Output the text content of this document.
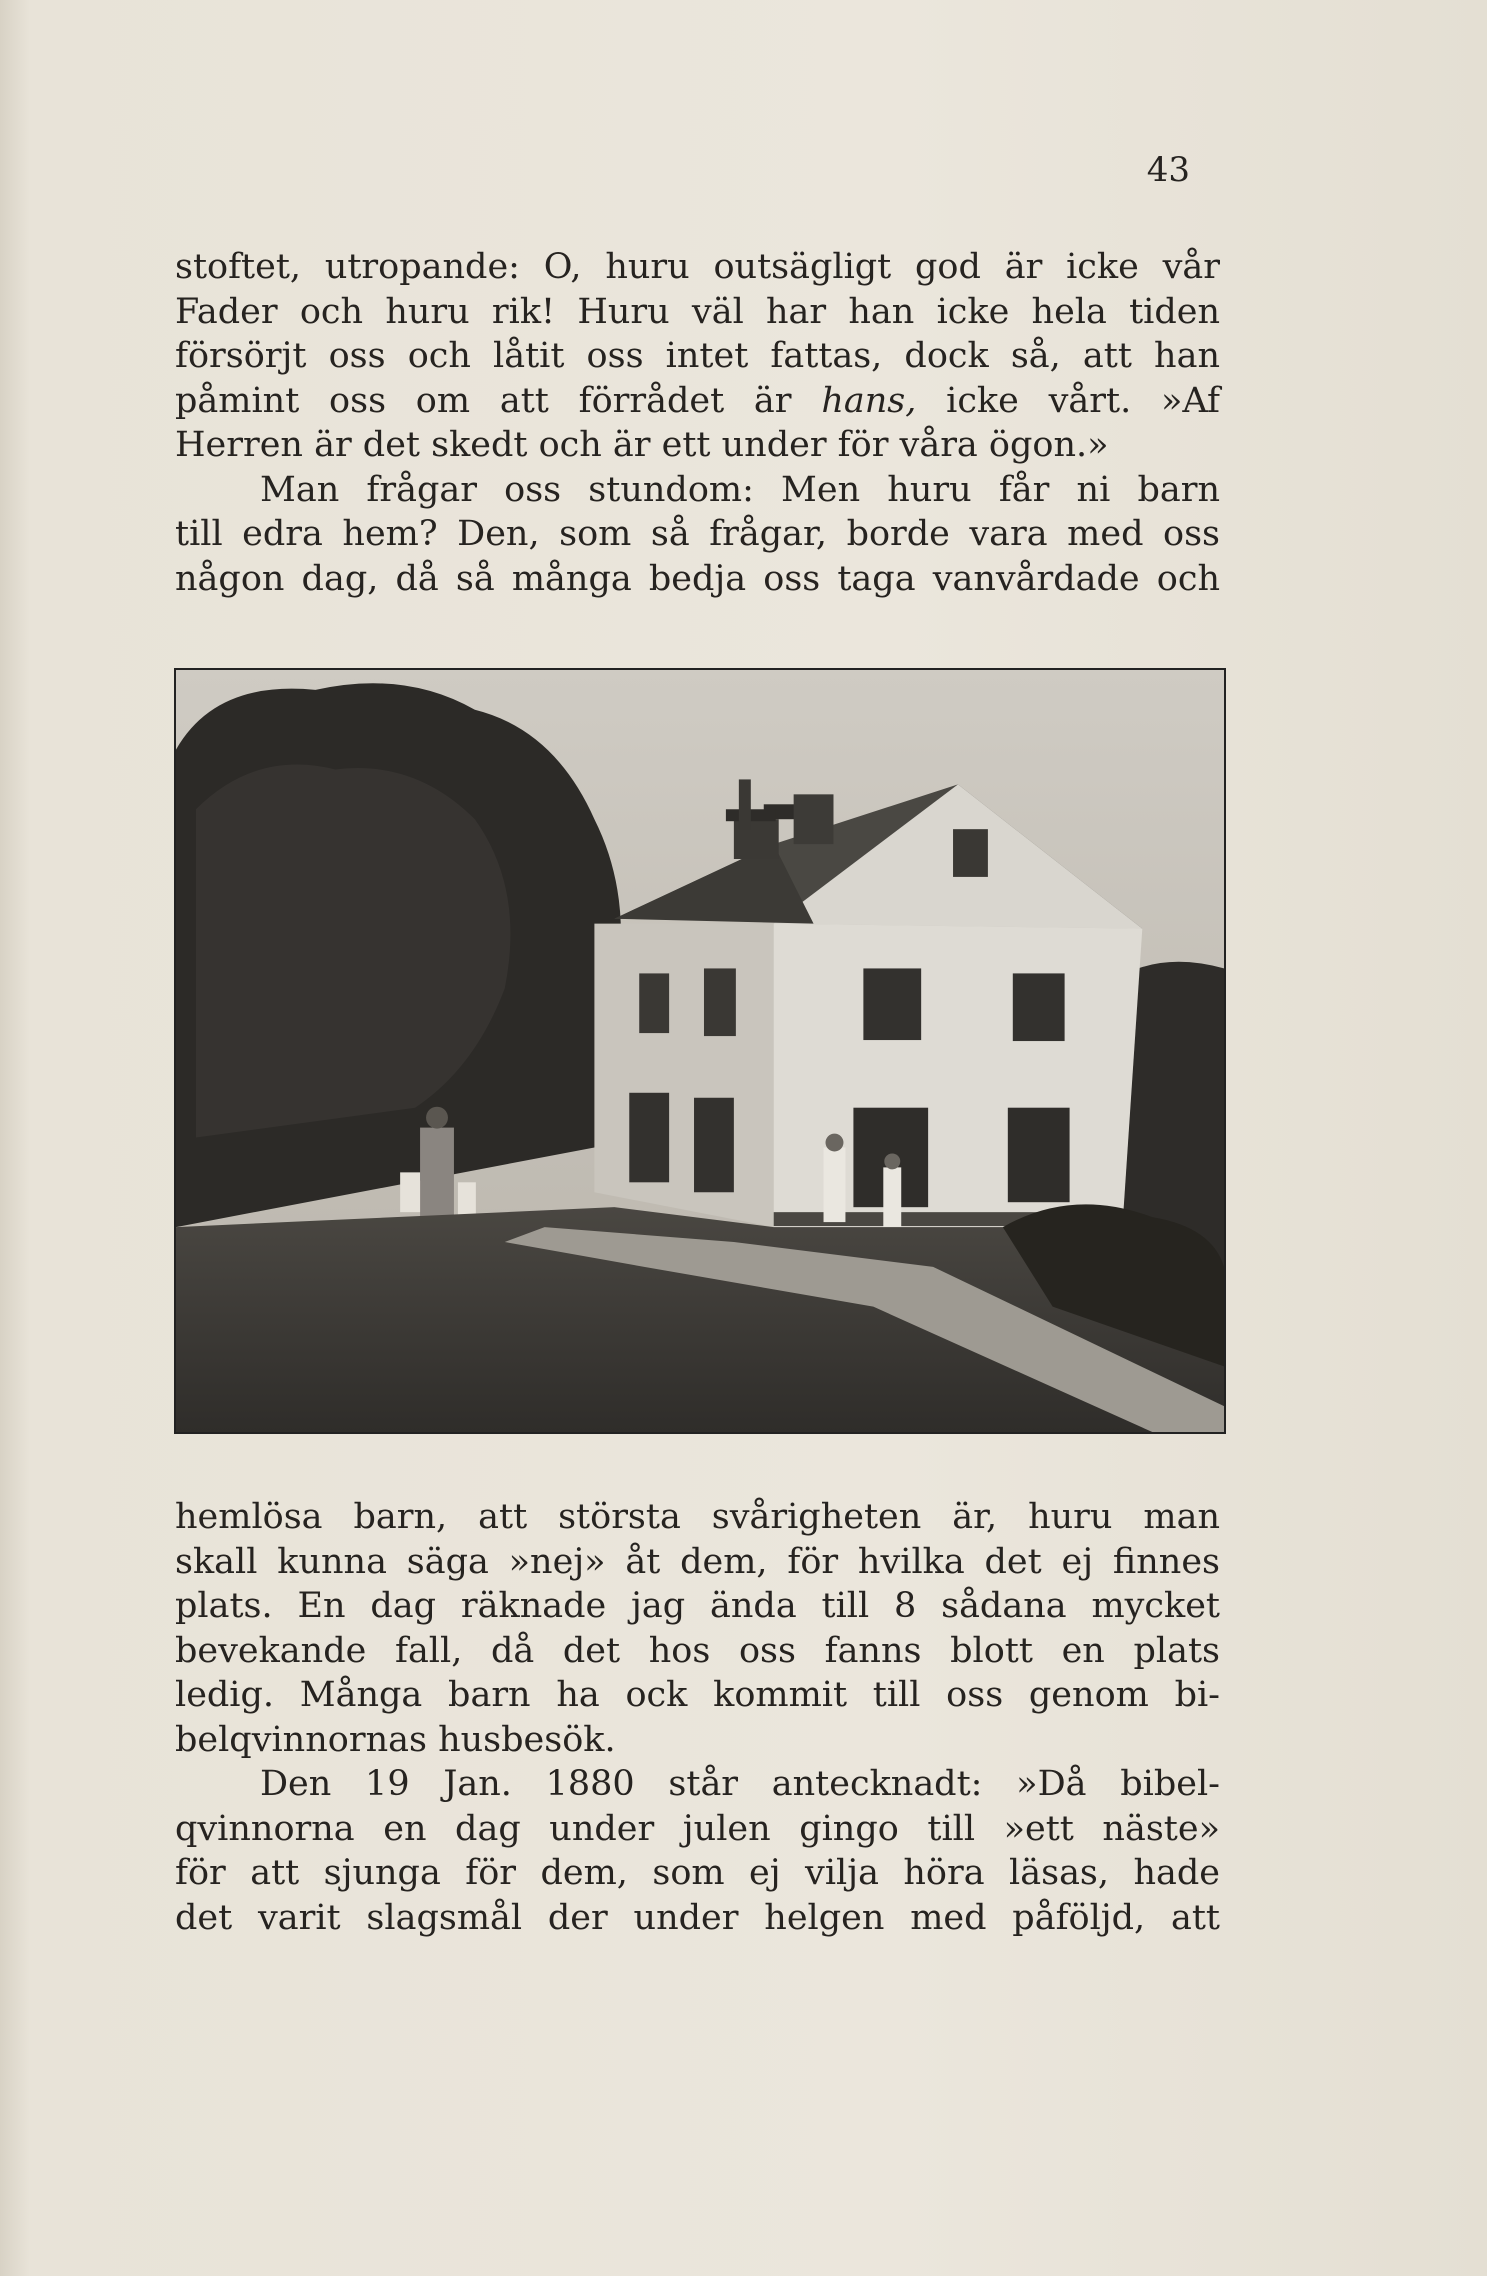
43

stoftet, utropande: O, huru outsägligt god är icke vår

Fader och huru rik! Huru väl har han icke hela tiden

försörjt oss och låtit oss intet fattas, dock så, att han

påmint oss om att förrådet är hans, icke vårt. »Af

Herren är det skedt och är ett under för våra ögon.»

Man frågar oss stundom: Men huru får ni barn

till edra hem? Den, som så frågar, borde vara med oss

någon dag, då så många bedja oss taga vanvårdade och

hemlösa barn, att största svårigheten är, huru man

skall kunna säga »nej» åt dem, för hvilka det ej finnes

plats. En dag räknade jag ända till 8 sådana mycket

bevekande fall, då det hos oss fanns blott en plats

ledig. Många barn ha ock kommit till oss genom bi-

belqvinnornas husbesök.

Den 19 Jan. 1880 står antecknadt: »Då bibel-

qvinnorna en dag under julen gingo till »ett näste»

för att sjunga för dem, som ej vilja höra läsas, hade

det varit slagsmål der under helgen med påföljd, att
